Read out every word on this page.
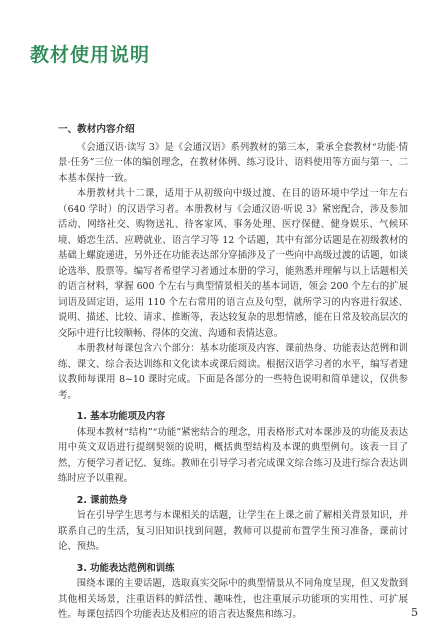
教材使用说明
一、教材内容介绍

《会通汉语·读写 3》是《会通汉语》系列教材的第三本，秉承全套教材“功能·情景·任务”三位一体的编创理念，在教材体例、练习设计、语料使用等方面与第一、二本基本保持一致。

本册教材共十二课，适用于从初级向中级过渡、在目的语环境中学过一年左右（640 学时）的汉语学习者。本册教材与《会通汉语·听说 3》紧密配合，涉及参加活动、网络社交、购物送礼、待客家风、事务处理、医疗保健、健身娱乐、气候环境、婚恋生活、应聘就业、语言学习等 12 个话题，其中有部分话题是在初级教材的基础上螺旋递进，另外还在功能表达部分穿插涉及了一些向中高级过渡的话题，如谈论选举、股票等。编写者希望学习者通过本册的学习，能熟悉并理解与以上话题相关的语言材料，掌握 600 个左右与典型情景相关的基本词语，领会 200 个左右的扩展词语及固定语，运用 110 个左右常用的语言点及句型，就所学习的内容进行叙述、说明、描述、比较、请求、推断等，表达较复杂的思想情感，能在日常及较高层次的交际中进行比较顺畅、得体的交流、沟通和表情达意。

本册教材每课包含六个部分：基本功能项及内容、课前热身、功能表达范例和训练、课文、综合表达训练和文化读本或课后阅读。根据汉语学习者的水平，编写者建议教师每课用 8~10 课时完成。下面是各部分的一些特色说明和简单建议，仅供参考。

1. 基本功能项及内容

体现本教材“结构”“功能”紧密结合的理念，用表格形式对本课涉及的功能及表达用中英文双语进行提纲契领的说明，概括典型结构及本课的典型例句。该表一目了然，方便学习者记忆、复练。教师在引导学习者完成课文综合练习及进行综合表达训练时应予以重视。

2. 课前热身

旨在引导学生思考与本课相关的话题，让学生在上课之前了解相关背景知识，并联系自己的生活，复习旧知识找到问题，教师可以提前布置学生预习准备，课前讨论、预热。

3. 功能表达范例和训练

围绕本课的主要话题，选取真实交际中的典型情景从不同角度呈现，但又发散到其他相关场景，注重语料的鲜活性、趣味性，也注重展示功能项的实用性、可扩展性。每课包括四个功能表达及相应的语言表达聚焦和练习。	5
